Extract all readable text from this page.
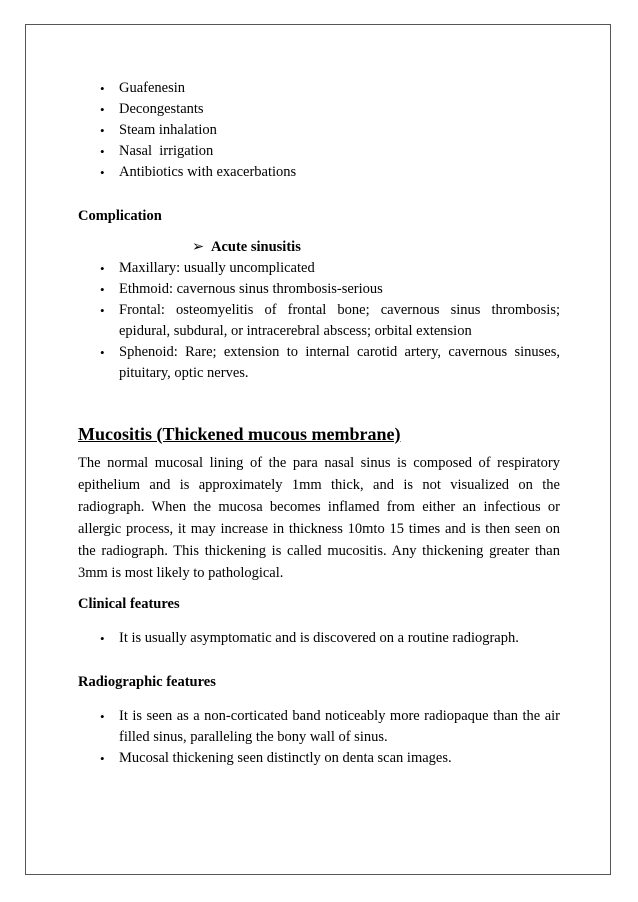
• Guafenesin
• Decongestants
• Steam inhalation
• Nasal  irrigation
• Antibiotics with exacerbations
Complication
➢ Acute sinusitis
• Maxillary: usually uncomplicated
• Ethmoid: cavernous sinus thrombosis-serious
• Frontal: osteomyelitis of frontal bone; cavernous sinus thrombosis; epidural, subdural, or intracerebral abscess; orbital extension
• Sphenoid: Rare; extension to internal carotid artery, cavernous sinuses, pituitary, optic nerves.
Mucositis (Thickened mucous membrane)
The normal mucosal lining of the para nasal sinus is composed of respiratory epithelium and is approximately 1mm thick, and is not visualized on the radiograph. When the mucosa becomes inflamed from either an infectious or allergic process, it may increase in thickness 10mto 15 times and is then seen on the radiograph. This thickening is called mucositis. Any thickening greater than 3mm is most likely to pathological.
Clinical features
• It is usually asymptomatic and is discovered on a routine radiograph.
Radiographic features
• It is seen as a non-corticated band noticeably more radiopaque than the air filled sinus, paralleling the bony wall of sinus.
• Mucosal thickening seen distinctly on denta scan images.
